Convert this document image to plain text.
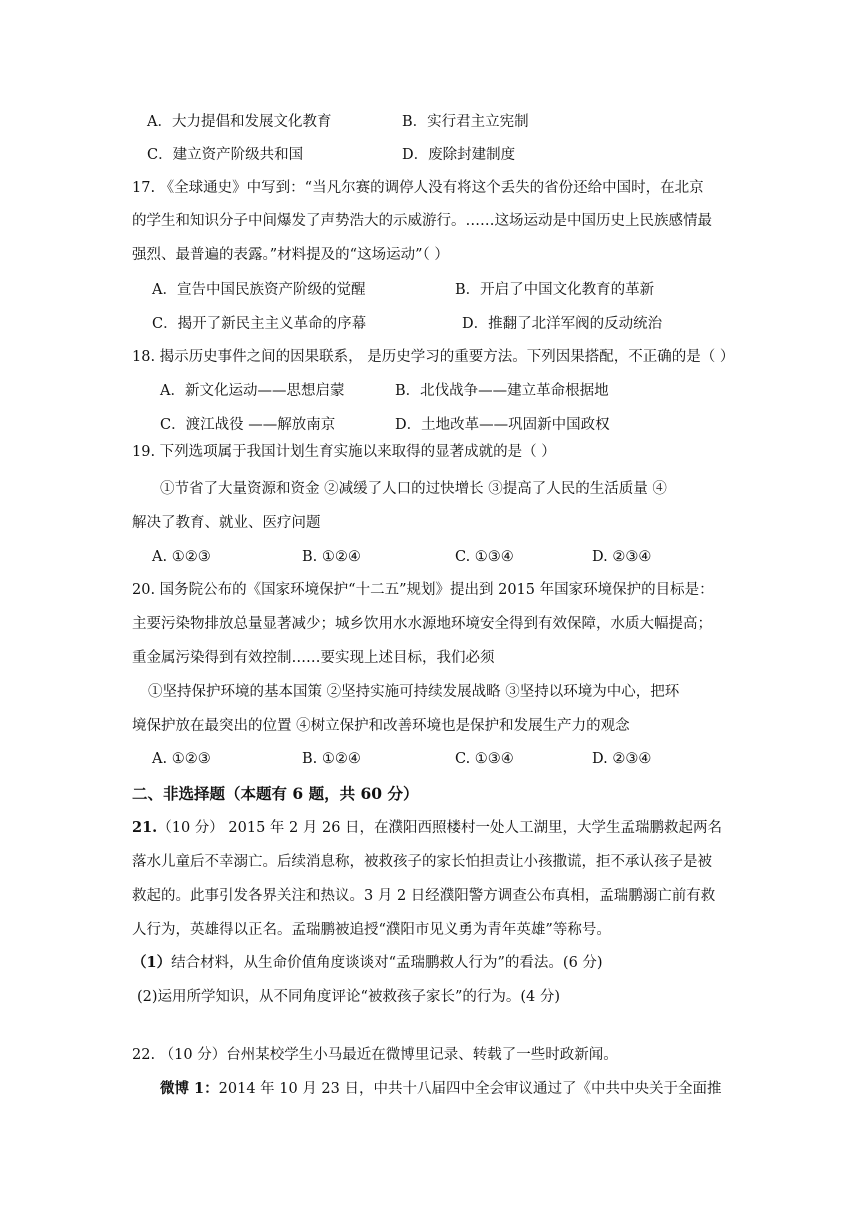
A．大力提倡和发展文化教育	B．实行君主立宪制
C．建立资产阶级共和国	D．废除封建制度
17. 《全球通史》中写到：“当凡尔赛的调停人没有将这个丢失的省份还给中国时，在北京
的学生和知识分子中间爆发了声势浩大的示威游行。……这场运动是中国历史上民族感情最
强烈、最普遍的表露。”材料提及的“这场运动”（ ）
A．宣告中国民族资产阶级的觉醒	B．开启了中国文化教育的革新
C．揭开了新民主主义革命的序幕	D．推翻了北洋军阀的反动统治
18. 揭示历史事件之间的因果联系， 是历史学习的重要方法。下列因果搭配，不正确的是（ ）
A．新文化运动——思想启蒙	B．北伐战争——建立革命根据地
C．渡江战役 ——解放南京	D．土地改革——巩固新中国政权
19. 下列选项属于我国计划生育实施以来取得的显著成就的是（ ）
①节省了大量资源和资金 ②减缓了人口的过快增长 ③提高了人民的生活质量 ④
解决了教育、就业、医疗问题
A. ①②③	B. ①②④	C. ①③④	D. ②③④
20. 国务院公布的《国家环境保护“十二五”规划》提出到 2015 年国家环境保护的目标是：
主要污染物排放总量显著减少；城乡饮用水水源地环境安全得到有效保障，水质大幅提高；
重金属污染得到有效控制……要实现上述目标，我们必须
①坚持保护环境的基本国策 ②坚持实施可持续发展战略 ③坚持以环境为中心，把环
境保护放在最突出的位置 ④树立保护和改善环境也是保护和发展生产力的观念
A. ①②③	B. ①②④	C. ①③④	D. ②③④
二、非选择题（本题有 6 题，共 60 分）
21.（10 分） 2015 年 2 月 26 日，在濮阳西照楼村一处人工湖里，大学生孟瑞鹏救起两名
落水儿童后不幸溺亡。后续消息称，被救孩子的家长怕担责让小孩撒谎，拒不承认孩子是被
救起的。此事引发各界关注和热议。3 月 2 日经濮阳警方调查公布真相，孟瑞鹏溺亡前有救
人行为，英雄得以正名。孟瑞鹏被追授“濮阳市见义勇为青年英雄”等称号。
（1）结合材料，从生命价值角度谈谈对“孟瑞鹏救人行为”的看法。(6 分)
(2)运用所学知识，从不同角度评论“被救孩子家长”的行为。(4 分)
22. （10 分）台州某校学生小马最近在微博里记录、转载了一些时政新闻。
微博 1：2014 年 10 月 23 日，中共十八届四中全会审议通过了《中共中央关于全面推
